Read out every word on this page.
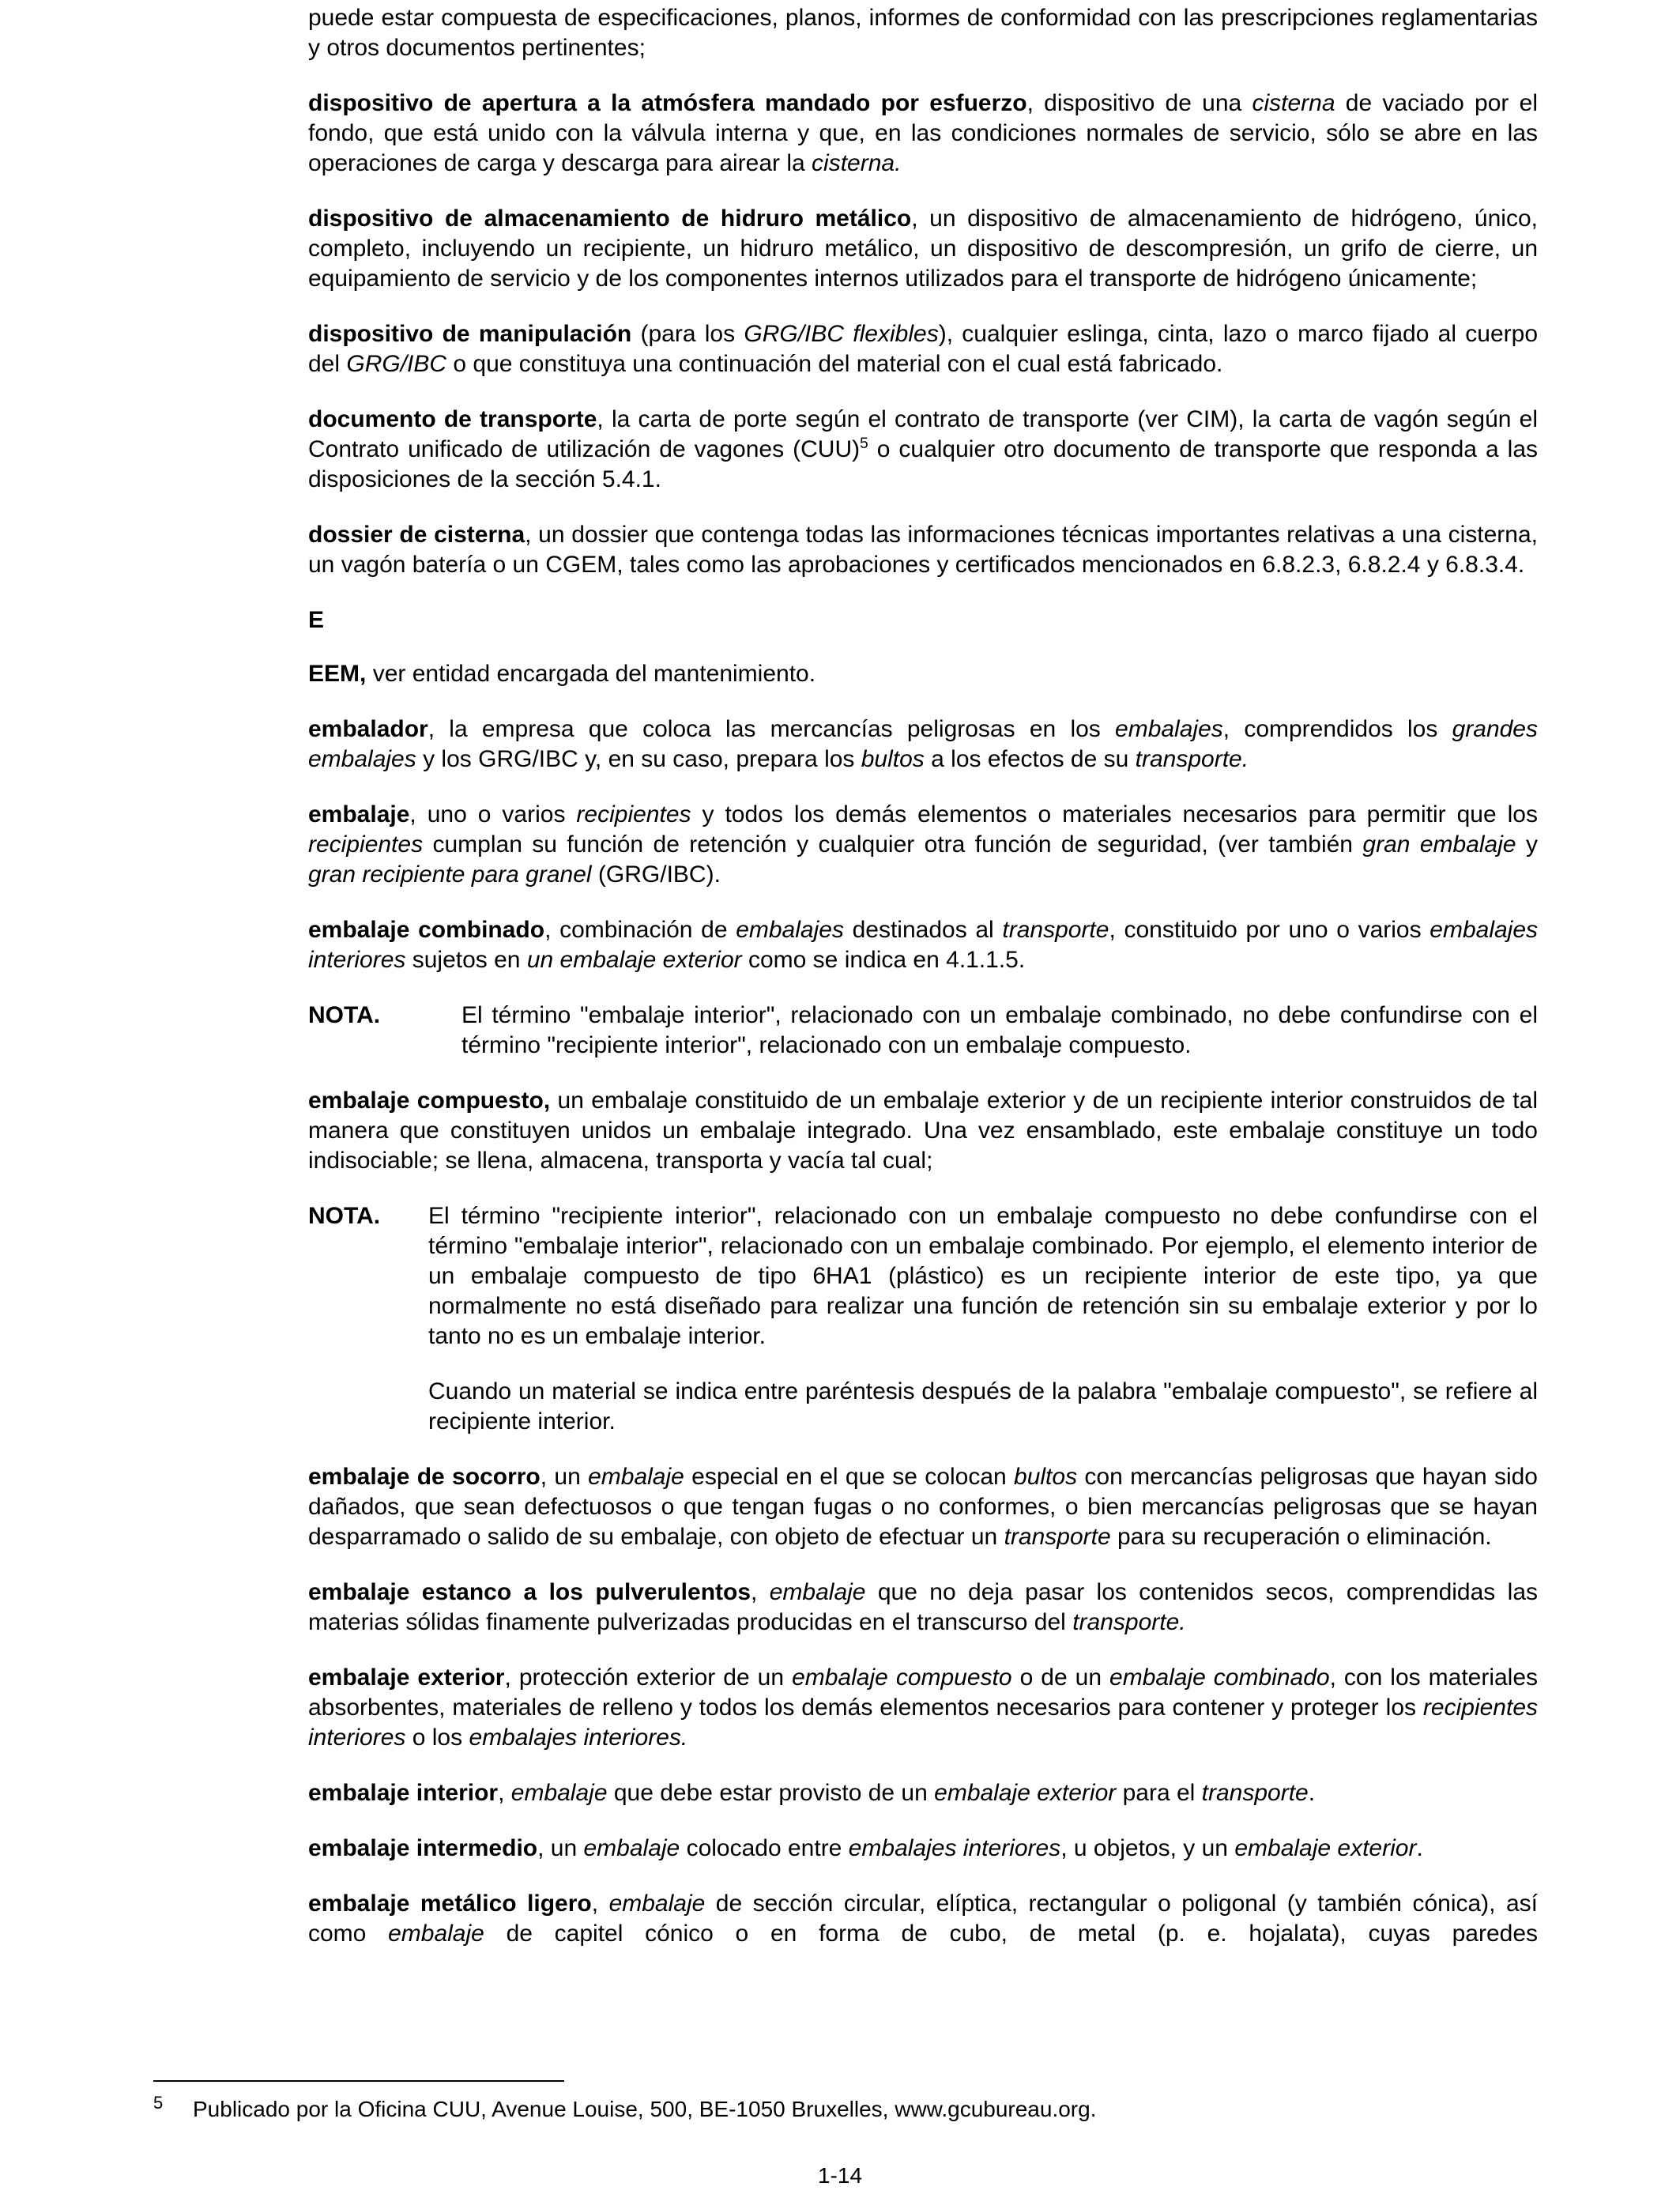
puede estar compuesta de especificaciones, planos, informes de conformidad con las prescripciones reglamentarias y otros documentos pertinentes;

dispositivo de apertura a la atmósfera mandado por esfuerzo, dispositivo de una cisterna de vaciado por el fondo, que está unido con la válvula interna y que, en las condiciones normales de servicio, sólo se abre en las operaciones de carga y descarga para airear la cisterna.

dispositivo de almacenamiento de hidruro metálico, un dispositivo de almacenamiento de hidrógeno, único, completo, incluyendo un recipiente, un hidruro metálico, un dispositivo de descompresión, un grifo de cierre, un equipamiento de servicio y de los componentes internos utilizados para el transporte de hidrógeno únicamente;

dispositivo de manipulación (para los GRG/IBC flexibles), cualquier eslinga, cinta, lazo o marco fijado al cuerpo del GRG/IBC o que constituya una continuación del material con el cual está fabricado.

documento de transporte, la carta de porte según el contrato de transporte (ver CIM), la carta de vagón según el Contrato unificado de utilización de vagones (CUU)$^5$ o cualquier otro documento de transporte que responda a las disposiciones de la sección 5.4.1.

dossier de cisterna, un dossier que contenga todas las informaciones técnicas importantes relativas a una cisterna, un vagón batería o un CGEM, tales como las aprobaciones y certificados mencionados en 6.8.2.3, 6.8.2.4 y 6.8.3.4.

E

EEM, ver entidad encargada del mantenimiento.

embalador, la empresa que coloca las mercancías peligrosas en los embalajes, comprendidos los grandes embalajes y los GRG/IBC y, en su caso, prepara los bultos a los efectos de su transporte.

embalaje, uno o varios recipientes y todos los demás elementos o materiales necesarios para permitir que los recipientes cumplan su función de retención y cualquier otra función de seguridad, (ver también gran embalaje y gran recipiente para granel (GRG/IBC).

embalaje combinado, combinación de embalajes destinados al transporte, constituido por uno o varios embalajes interiores sujetos en un embalaje exterior como se indica en 4.1.1.5.

NOTA.	El término "embalaje interior", relacionado con un embalaje combinado, no debe confundirse con el término "recipiente interior", relacionado con un embalaje compuesto.

embalaje compuesto, un embalaje constituido de un embalaje exterior y de un recipiente interior construidos de tal manera que constituyen unidos un embalaje integrado. Una vez ensamblado, este embalaje constituye un todo indisociable; se llena, almacena, transporta y vacía tal cual;

NOTA.	El término "recipiente interior", relacionado con un embalaje compuesto no debe confundirse con el término "embalaje interior", relacionado con un embalaje combinado. Por ejemplo, el elemento interior de un embalaje compuesto de tipo 6HA1 (plástico) es un recipiente interior de este tipo, ya que normalmente no está diseñado para realizar una función de retención sin su embalaje exterior y por lo tanto no es un embalaje interior.

Cuando un material se indica entre paréntesis después de la palabra "embalaje compuesto", se refiere al recipiente interior.

embalaje de socorro, un embalaje especial en el que se colocan bultos con mercancías peligrosas que hayan sido dañados, que sean defectuosos o que tengan fugas o no conformes, o bien mercancías peligrosas que se hayan desparramado o salido de su embalaje, con objeto de efectuar un transporte para su recuperación o eliminación.

embalaje estanco a los pulverulentos, embalaje que no deja pasar los contenidos secos, comprendidas las materias sólidas finamente pulverizadas producidas en el transcurso del transporte.

embalaje exterior, protección exterior de un embalaje compuesto o de un embalaje combinado, con los materiales absorbentes, materiales de relleno y todos los demás elementos necesarios para contener y proteger los recipientes interiores o los embalajes interiores.

embalaje interior, embalaje que debe estar provisto de un embalaje exterior para el transporte.

embalaje intermedio, un embalaje colocado entre embalajes interiores, u objetos, y un embalaje exterior.

embalaje metálico ligero, embalaje de sección circular, elíptica, rectangular o poligonal (y también cónica), así como embalaje de capitel cónico o en forma de cubo, de metal (p. e. hojalata), cuyas paredes

5 Publicado por la Oficina CUU, Avenue Louise, 500, BE-1050 Bruxelles, www.gcubureau.org.
1-14
